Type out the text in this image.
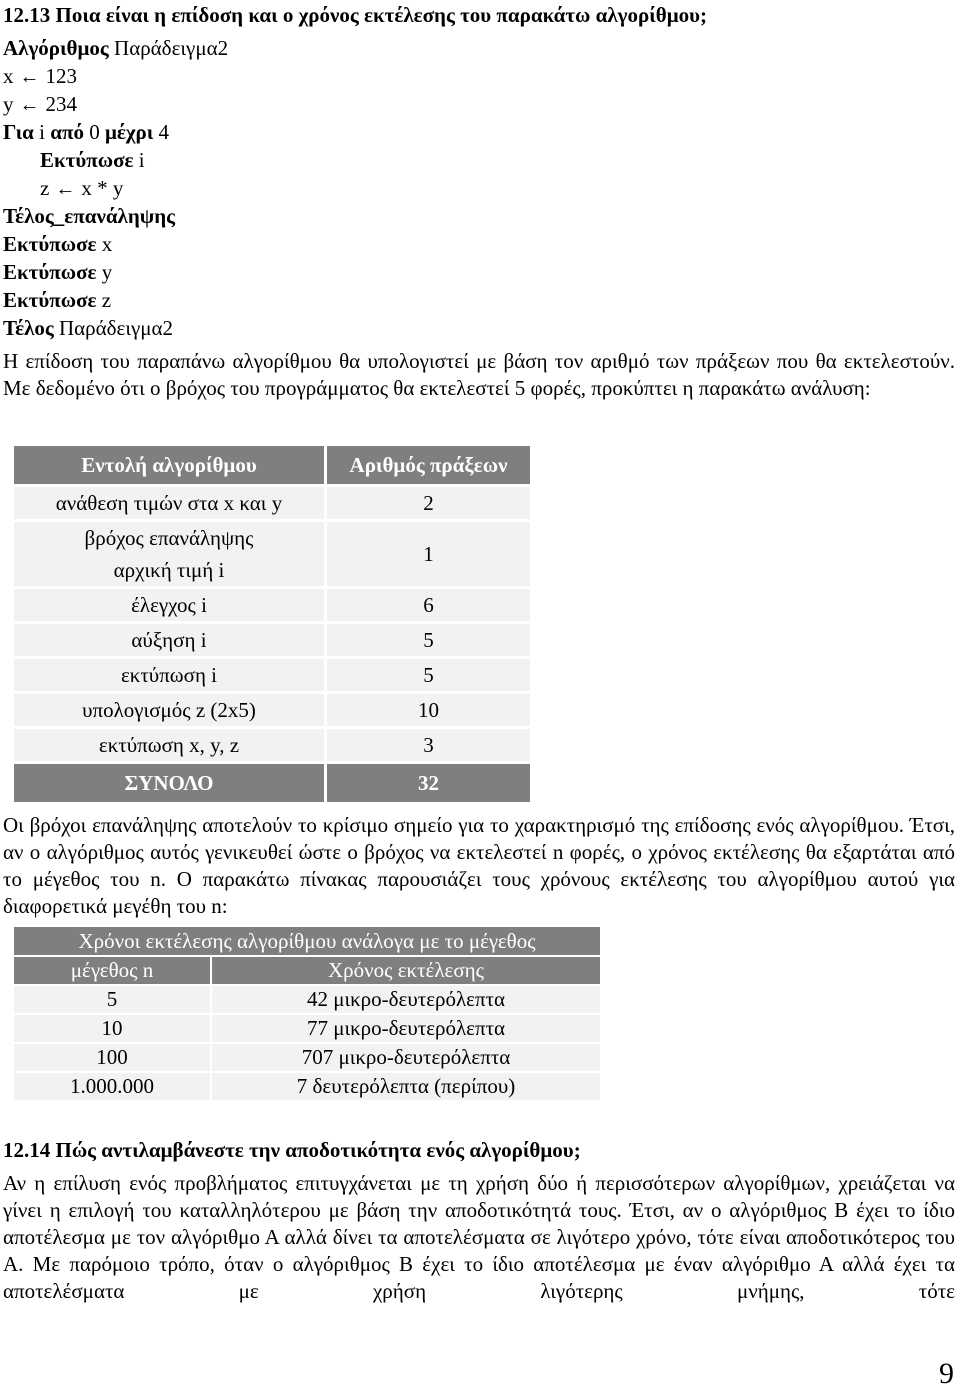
12.13 Ποια είναι η επίδοση και ο χρόνος εκτέλεσης του παρακάτω αλγορίθμου;
Αλγόριθμος Παράδειγμα2
x ← 123
y ← 234
Για i από 0 μέχρι 4
Εκτύπωσε i
z ← x * y
Τέλος_επανάληψης
Εκτύπωσε x
Εκτύπωσε y
Εκτύπωσε z
Τέλος Παράδειγμα2
Η επίδοση του παραπάνω αλγορίθμου θα υπολογιστεί με βάση τον αριθμό των πράξεων που θα εκτελεστούν. Με δεδομένο ότι ο βρόχος του προγράμματος θα εκτελεστεί 5 φορές, προκύπτει η παρακάτω ανάλυση:
Εντολή αλγορίθμου	Αριθμός πράξεων
ανάθεση τιμών στα x και y	2

βρόχος επανάληψης
αρχική τιμή i	1
έλεγχος i	6
αύξηση i	5
εκτύπωση i	5
υπολογισμός z (2x5)	10
εκτύπωση x, y, z	3
ΣΥΝΟΛΟ	32
Οι βρόχοι επανάληψης αποτελούν το κρίσιμο σημείο για το χαρακτηρισμό της επίδοσης ενός αλγορίθμου. Έτσι, αν ο αλγόριθμος αυτός γενικευθεί ώστε ο βρόχος να εκτελεστεί n φορές, ο χρόνος εκτέλεσης θα εξαρτάται από το μέγεθος του n. Ο παρακάτω πίνακας παρουσιάζει τους χρόνους εκτέλεσης του αλγορίθμου αυτού για διαφορετικά μεγέθη του n:
Χρόνοι εκτέλεσης αλγορίθμου ανάλογα με το μέγεθος	
μέγεθος n	Χρόνος εκτέλεσης
5	42 μικρο-δευτερόλεπτα
10	77 μικρο-δευτερόλεπτα
100	707 μικρο-δευτερόλεπτα
1.000.000	7 δευτερόλεπτα (περίπου)
12.14 Πώς αντιλαμβάνεστε την αποδοτικότητα ενός αλγορίθμου;
Αν η επίλυση ενός προβλήματος επιτυγχάνεται με τη χρήση δύο ή περισσότερων αλγορίθμων, χρειάζεται να γίνει η επιλογή του καταλληλότερου με βάση την αποδοτικότητά τους. Έτσι, αν ο αλγόριθμος Β έχει το ίδιο αποτέλεσμα με τον αλγόριθμο Α αλλά δίνει τα αποτελέσματα σε λιγότερο χρόνο, τότε είναι αποδοτικότερος του Α. Με παρόμοιο τρόπο, όταν ο αλγόριθμος Β έχει το ίδιο αποτέλεσμα με έναν αλγόριθμο Α αλλά έχει τα αποτελέσματα με χρήση λιγότερης μνήμης, τότε
9
